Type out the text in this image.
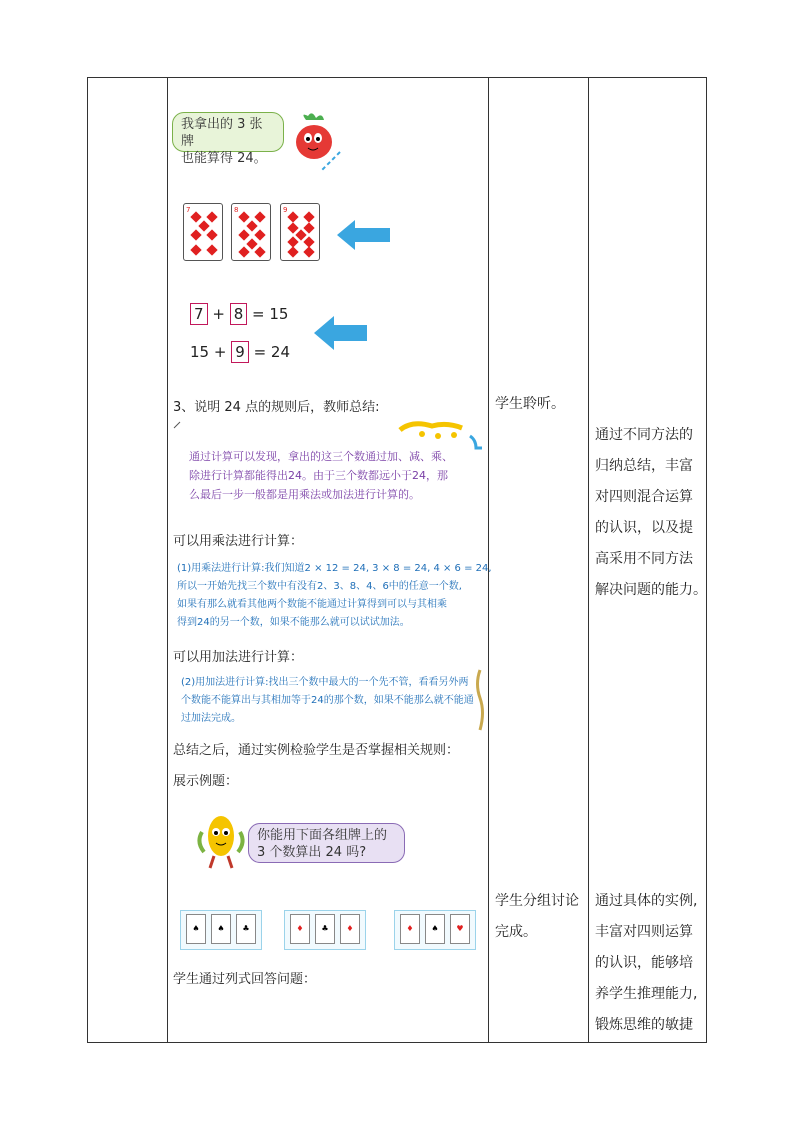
我拿出的 3 张牌
也能算得 24。
7	8	9
7 + 8 = 15
15 + 9 = 24
3、说明 24 点的规则后，教师总结:
通过计算可以发现，拿出的这三个数通过加、减、乘、
除进行计算都能得出24。由于三个数都远小于24，那
么最后一步一般都是用乘法或加法进行计算的。
可以用乘法进行计算：
(1)用乘法进行计算:我们知道2 × 12 = 24, 3 × 8 = 24, 4 × 6 = 24,
所以一开始先找三个数中有没有2、3、8、4、6中的任意一个数,
如果有那么就看其他两个数能不能通过计算得到可以与其相乘
得到24的另一个数，如果不能那么就可以试试加法。
可以用加法进行计算：
(2)用加法进行计算:找出三个数中最大的一个先不管，看看另外两
个数能不能算出与其相加等于24的那个数，如果不能那么就不能通
过加法完成。
总结之后，通过实例检验学生是否掌握相关规则：
展示例题：
你能用下面各组牌上的
3 个数算出 24 吗?
♠	♠	♣	♦	♣	♦	♦	♠	♥
学生通过列式回答问题：
学生聆听。
学生分组讨论
完成。
通过不同方法的
归纳总结，丰富
对四则混合运算
的认识，以及提
高采用不同方法
解决问题的能力。
通过具体的实例,
丰富对四则运算
的认识，能够培
养学生推理能力,
锻炼思维的敏捷
